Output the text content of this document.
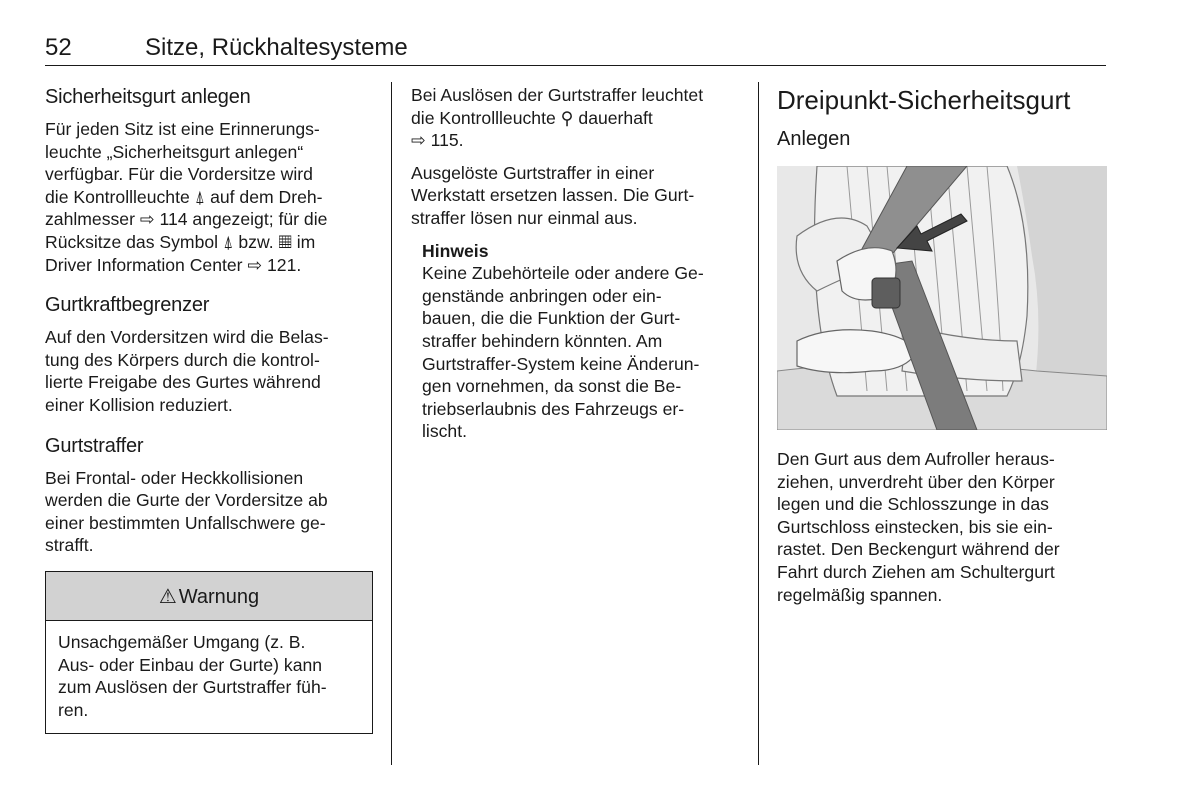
52	Sitze, Rückhaltesysteme
Sicherheitsgurt anlegen

Für jeden Sitz ist eine Erinnerungs-
leuchte „Sicherheitsgurt anlegen“
verfügbar. Für die Vordersitze wird
die Kontrollleuchte ⍋ auf dem Dreh-
zahlmesser ⇨ 114 angezeigt; für die
Rücksitze das Symbol ⍋ bzw. ▦ im
Driver Information Center ⇨ 121.

Gurtkraftbegrenzer

Auf den Vordersitzen wird die Belas-
tung des Körpers durch die kontrol-
lierte Freigabe des Gurtes während
einer Kollision reduziert.

Gurtstraffer

Bei Frontal- oder Heckkollisionen
werden die Gurte der Vordersitze ab
einer bestimmten Unfallschwere ge-
strafft.

⚠ Warnung

Unsachgemäßer Umgang (z. B.
Aus- oder Einbau der Gurte) kann
zum Auslösen der Gurtstraffer füh-
ren.

Bei Auslösen der Gurtstraffer leuchtet
die Kontrollleuchte ⚲ dauerhaft
⇨ 115.

Ausgelöste Gurtstraffer in einer
Werkstatt ersetzen lassen. Die Gurt-
straffer lösen nur einmal aus.

Hinweis

Keine Zubehörteile oder andere Ge-
genstände anbringen oder ein-
bauen, die die Funktion der Gurt-
straffer behindern könnten. Am
Gurtstraffer-System keine Änderun-
gen vornehmen, da sonst die Be-
triebserlaubnis des Fahrzeugs er-
lischt.

Dreipunkt-Sicherheitsgurt
Anlegen

Den Gurt aus dem Aufroller heraus-
ziehen, unverdreht über den Körper
legen und die Schlosszunge in das
Gurtschloss einstecken, bis sie ein-
rastet. Den Beckengurt während der
Fahrt durch Ziehen am Schultergurt
regelmäßig spannen.
